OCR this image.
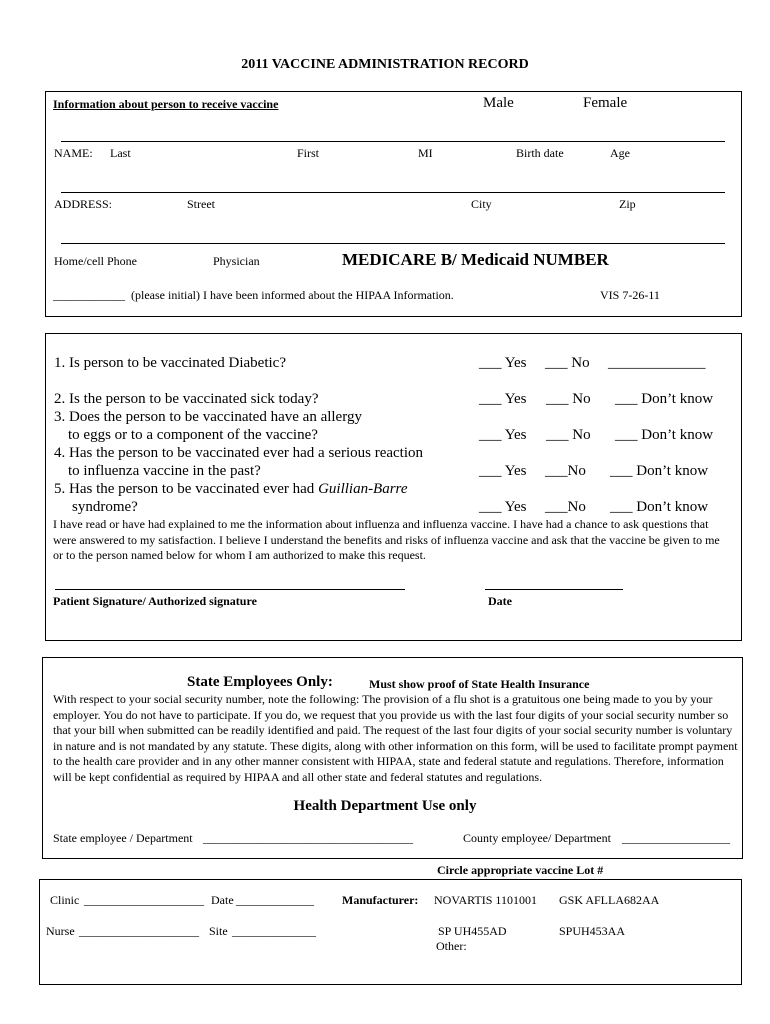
2011 VACCINE ADMINISTRATION RECORD
Information about person to receive vaccine	Male	Female
NAME: Last	First	MI	Birth date	Age
ADDRESS:	Street	City	Zip
Home/cell Phone	Physician	MEDICARE B/ Medicaid NUMBER
____________ (please initial) I have been informed about the HIPAA Information.	VIS 7-26-11
1. Is person to be vaccinated Diabetic?	___ Yes ___ No _____________
2. Is the person to be vaccinated sick today?	___ Yes ___ No ___ Don’t know
3. Does the person to be vaccinated have an allergy
to eggs or to a component of the vaccine?	___ Yes ___ No ___ Don’t know
4. Has the person to be vaccinated ever had a serious reaction
to influenza vaccine in the past?	___ Yes ___No ___ Don’t know
5. Has the person to be vaccinated ever had Guillian-Barre
syndrome?	___ Yes ___No ___ Don’t know
I have read or have had explained to me the information about influenza and influenza vaccine. I have had a chance to ask questions that were answered to my satisfaction. I believe I understand the benefits and risks of influenza vaccine and ask that the vaccine be given to me or to the person named below for whom I am authorized to make this request.
Patient Signature/ Authorized signature	Date
State Employees Only:	Must show proof of State Health Insurance
With respect to your social security number, note the following: The provision of a flu shot is a gratuitous one being made to you by your employer. You do not have to participate. If you do, we request that you provide us with the last four digits of your social security number so that your bill when submitted can be readily identified and paid. The request of the last four digits of your social security number is voluntary in nature and is not mandated by any statute. These digits, along with other information on this form, will be used to facilitate prompt payment to the health care provider and in any other manner consistent with HIPAA, state and federal statute and regulations. Therefore, information will be kept confidential as required by HIPAA and all other state and federal statutes and regulations.
Health Department Use only
State employee / Department ___________________________________	County employee/ Department __________________
Circle appropriate vaccine Lot #
Clinic ____________________ Date _____________ Manufacturer: NOVARTIS 1101001 GSK AFLLA682AA
Nurse ____________________ Site ______________	SP UH455AD	SPUH453AA
Other:
